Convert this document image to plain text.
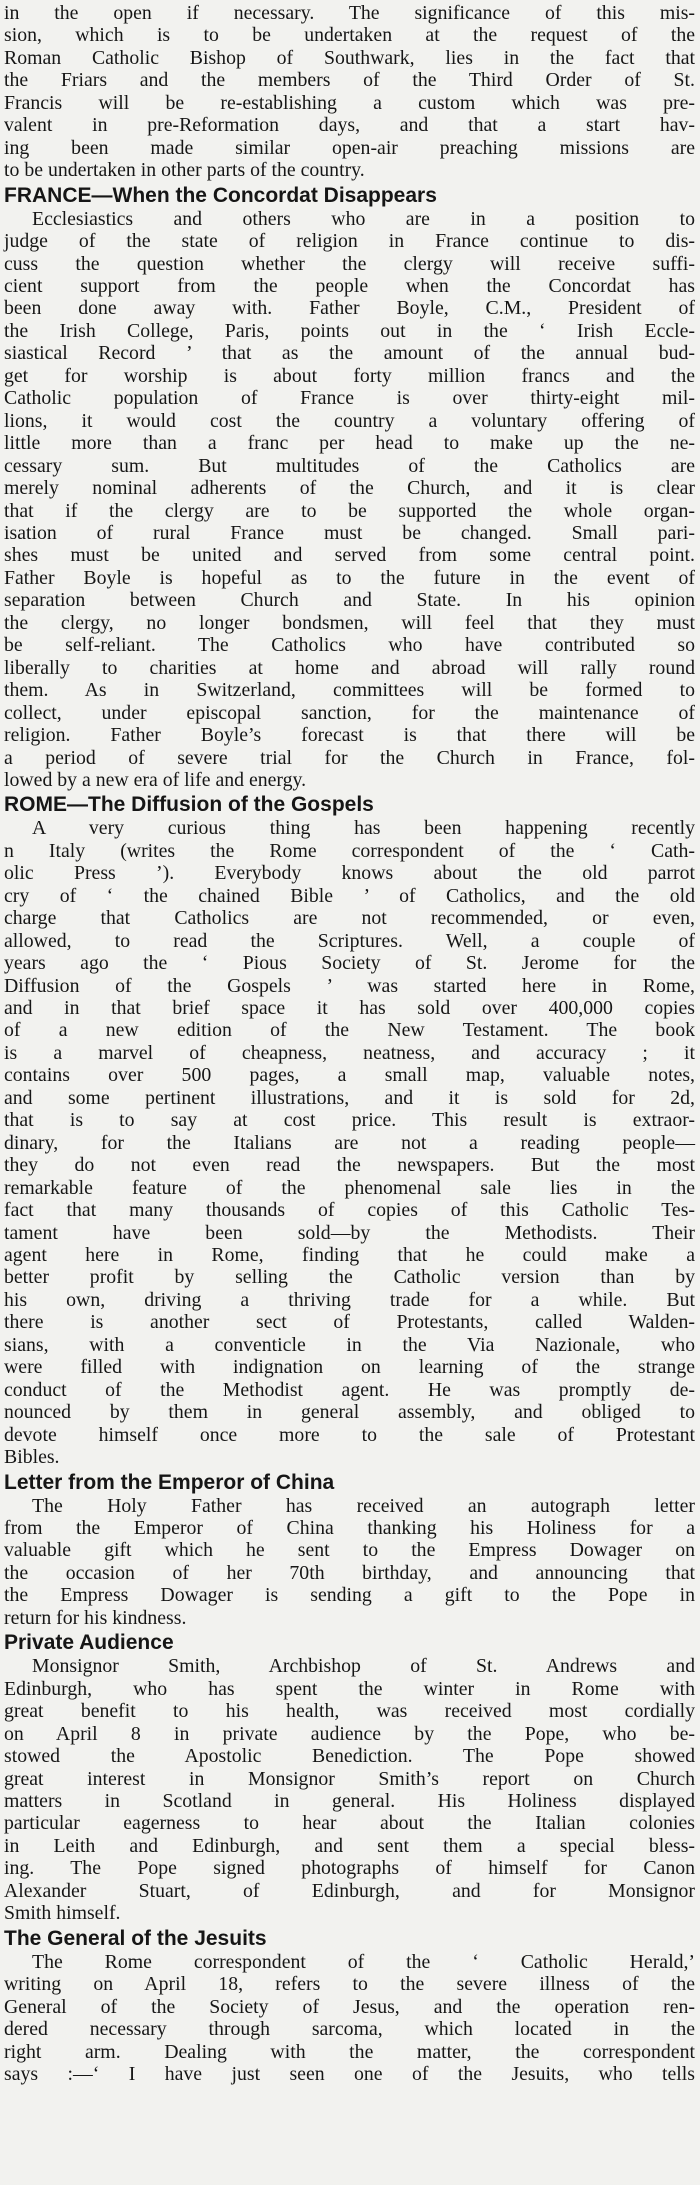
in the open if necessary. The significance of this mis-
sion, which is to be undertaken at the request of the
Roman Catholic Bishop of Southwark, lies in the fact that
the Friars and the members of the Third Order of St.
Francis will be re-establishing a custom which was pre-
valent in pre-Reformation days, and that a start hav-
ing been made similar open-air preaching missions are
to be undertaken in other parts of the country.
FRANCE—When the Concordat Disappears
Ecclesiastics and others who are in a position to
judge of the state of religion in France continue to dis-
cuss the question whether the clergy will receive suffi-
cient support from the people when the Concordat has
been done away with. Father Boyle, C.M., President of
the Irish College, Paris, points out in the ‘ Irish Eccle-
siastical Record ’ that as the amount of the annual bud-
get for worship is about forty million francs and the
Catholic population of France is over thirty-eight mil-
lions, it would cost the country a voluntary offering of
little more than a franc per head to make up the ne-
cessary sum. But multitudes of the Catholics are
merely nominal adherents of the Church, and it is clear
that if the clergy are to be supported the whole organ-
isation of rural France must be changed. Small pari-
shes must be united and served from some central point.
Father Boyle is hopeful as to the future in the event of
separation between Church and State. In his opinion
the clergy, no longer bondsmen, will feel that they must
be self-reliant. The Catholics who have contributed so
liberally to charities at home and abroad will rally round
them. As in Switzerland, committees will be formed to
collect, under episcopal sanction, for the maintenance of
religion. Father Boyle’s forecast is that there will be
a period of severe trial for the Church in France, fol-
lowed by a new era of life and energy.
ROME—The Diffusion of the Gospels
A very curious thing has been happening recently
n Italy (writes the Rome correspondent of the ‘ Cath-
olic Press ’). Everybody knows about the old parrot
cry of ‘ the chained Bible ’ of Catholics, and the old
charge that Catholics are not recommended, or even,
allowed, to read the Scriptures. Well, a couple of
years ago the ‘ Pious Society of St. Jerome for the
Diffusion of the Gospels ’ was started here in Rome,
and in that brief space it has sold over 400,000 copies
of a new edition of the New Testament. The book
is a marvel of cheapness, neatness, and accuracy ; it
contains over 500 pages, a small map, valuable notes,
and some pertinent illustrations, and it is sold for 2d,
that is to say at cost price. This result is extraor-
dinary, for the Italians are not a reading people—
they do not even read the newspapers. But the most
remarkable feature of the phenomenal sale lies in the
fact that many thousands of copies of this Catholic Tes-
tament have been sold—by the Methodists. Their
agent here in Rome, finding that he could make a
better profit by selling the Catholic version than by
his own, driving a thriving trade for a while. But
there is another sect of Protestants, called Walden-
sians, with a conventicle in the Via Nazionale, who
were filled with indignation on learning of the strange
conduct of the Methodist agent. He was promptly de-
nounced by them in general assembly, and obliged to
devote himself once more to the sale of Protestant
Bibles.
Letter from the Emperor of China
The Holy Father has received an autograph letter
from the Emperor of China thanking his Holiness for a
valuable gift which he sent to the Empress Dowager on
the occasion of her 70th birthday, and announcing that
the Empress Dowager is sending a gift to the Pope in
return for his kindness.
Private Audience
Monsignor Smith, Archbishop of St. Andrews and
Edinburgh, who has spent the winter in Rome with
great benefit to his health, was received most cordially
on April 8 in private audience by the Pope, who be-
stowed the Apostolic Benediction. The Pope showed
great interest in Monsignor Smith’s report on Church
matters in Scotland in general. His Holiness displayed
particular eagerness to hear about the Italian colonies
in Leith and Edinburgh, and sent them a special bless-
ing. The Pope signed photographs of himself for Canon
Alexander Stuart, of Edinburgh, and for Monsignor
Smith himself.
The General of the Jesuits
The Rome correspondent of the ‘ Catholic Herald,’
writing on April 18, refers to the severe illness of the
General of the Society of Jesus, and the operation ren-
dered necessary through sarcoma, which located in the
right arm. Dealing with the matter, the correspondent
says :—‘ I have just seen one of the Jesuits, who tells
